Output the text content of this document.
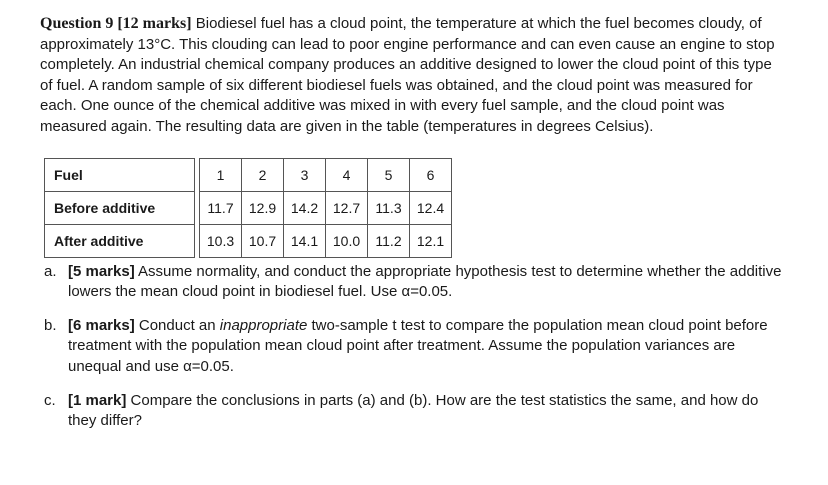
Question 9 [12 marks] Biodiesel fuel has a cloud point, the temperature at which the fuel becomes cloudy, of approximately 13°C. This clouding can lead to poor engine performance and can even cause an engine to stop completely. An industrial chemical company produces an additive designed to lower the cloud point of this type of fuel. A random sample of six different biodiesel fuels was obtained, and the cloud point was measured for each. One ounce of the chemical additive was mixed in with every fuel sample, and the cloud point was measured again. The resulting data are given in the table (temperatures in degrees Celsius).

Fuel		1	2	3	4	5	6
Before additive		11.7	12.9	14.2	12.7	11.3	12.4
After additive		10.3	10.7	14.1	10.0	11.2	12.1
a. [5 marks] Assume normality, and conduct the appropriate hypothesis test to determine whether the additive lowers the mean cloud point in biodiesel fuel. Use α=0.05.
b. [6 marks] Conduct an inappropriate two-sample t test to compare the population mean cloud point before treatment with the population mean cloud point after treatment. Assume the population variances are unequal and use α=0.05.
c. [1 mark] Compare the conclusions in parts (a) and (b). How are the test statistics the same, and how do they differ?
